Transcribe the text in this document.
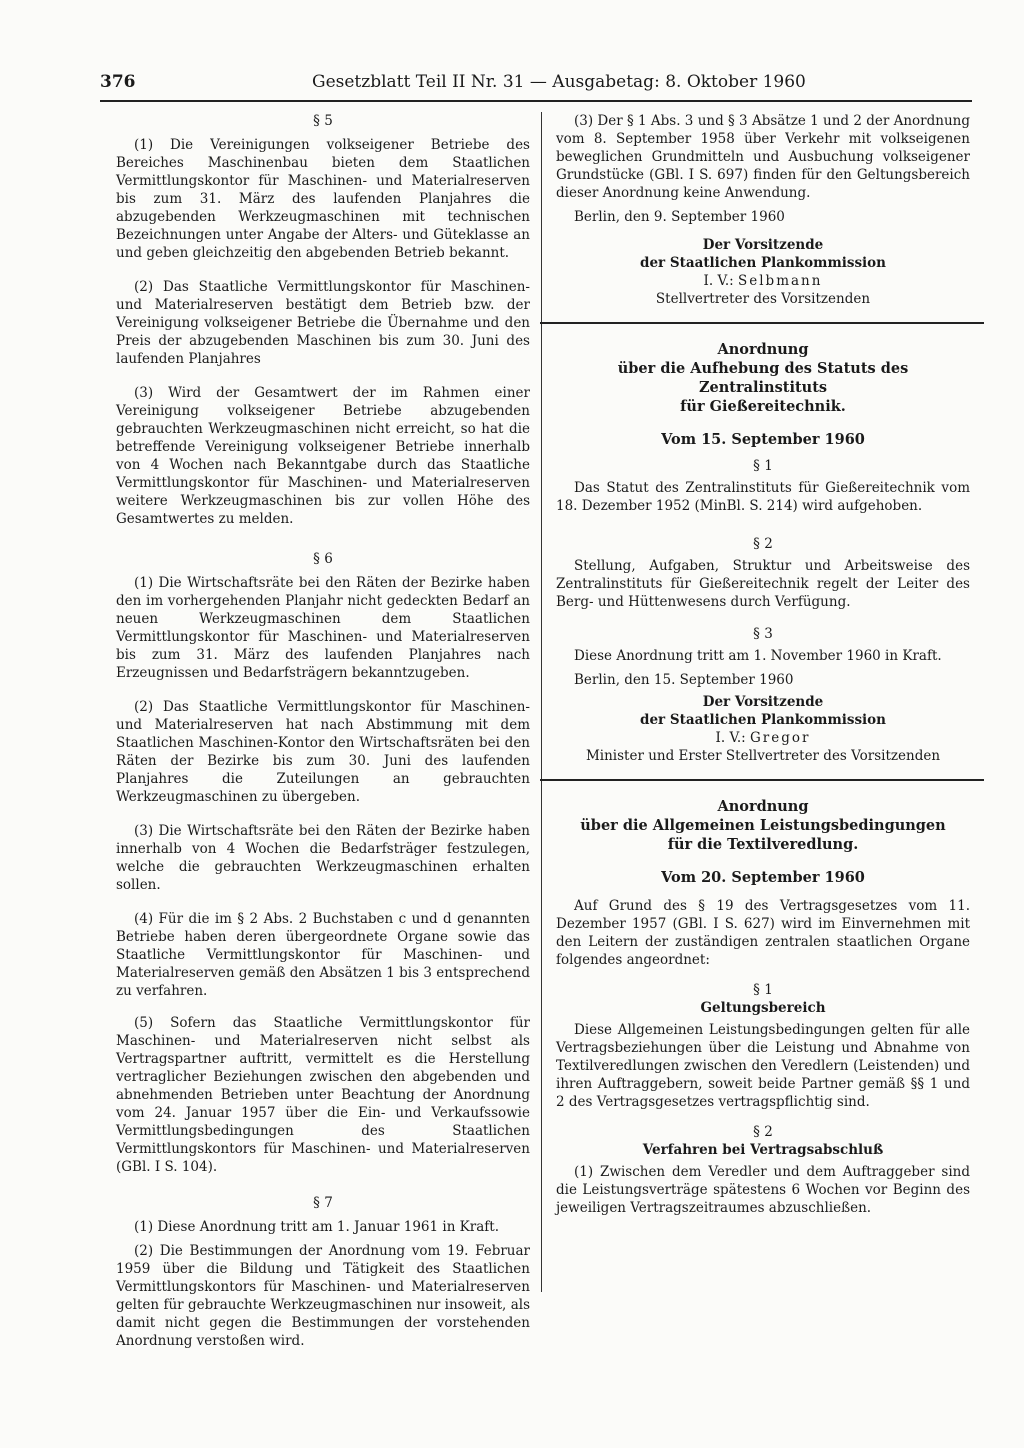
376	Gesetzblatt Teil II Nr. 31 — Ausgabetag: 8. Oktober 1960

§ 5

(1) Die Vereinigungen volkseigener Betriebe des Bereiches Maschinenbau bieten dem Staatlichen Vermittlungskontor für Maschinen- und Materialreserven bis zum 31. März des laufenden Planjahres die abzugebenden Werkzeugmaschinen mit technischen Bezeichnungen unter Angabe der Alters- und Güteklasse an und geben gleichzeitig den abgebenden Betrieb bekannt.

(2) Das Staatliche Vermittlungskontor für Maschinen- und Materialreserven bestätigt dem Betrieb bzw. der Vereinigung volkseigener Betriebe die Übernahme und den Preis der abzugebenden Maschinen bis zum 30. Juni des laufenden Planjahres

(3) Wird der Gesamtwert der im Rahmen einer Vereinigung volkseigener Betriebe abzugebenden gebrauchten Werkzeugmaschinen nicht erreicht, so hat die betreffende Vereinigung volkseigener Betriebe innerhalb von 4 Wochen nach Bekanntgabe durch das Staatliche Vermittlungskontor für Maschinen- und Materialreserven weitere Werkzeugmaschinen bis zur vollen Höhe des Gesamtwertes zu melden.

§ 6

(1) Die Wirtschaftsräte bei den Räten der Bezirke haben den im vorhergehenden Planjahr nicht gedeckten Bedarf an neuen Werkzeugmaschinen dem Staatlichen Vermittlungskontor für Maschinen- und Materialreserven bis zum 31. März des laufenden Planjahres nach Erzeugnissen und Bedarfsträgern bekanntzugeben.

(2) Das Staatliche Vermittlungskontor für Maschinen- und Materialreserven hat nach Abstimmung mit dem Staatlichen Maschinen-Kontor den Wirtschaftsräten bei den Räten der Bezirke bis zum 30. Juni des laufenden Planjahres die Zuteilungen an gebrauchten Werkzeugmaschinen zu übergeben.

(3) Die Wirtschaftsräte bei den Räten der Bezirke haben innerhalb von 4 Wochen die Bedarfsträger festzulegen, welche die gebrauchten Werkzeugmaschinen erhalten sollen.

(4) Für die im § 2 Abs. 2 Buchstaben c und d genannten Betriebe haben deren übergeordnete Organe sowie das Staatliche Vermittlungskontor für Maschinen- und Materialreserven gemäß den Absätzen 1 bis 3 entsprechend zu verfahren.

(5) Sofern das Staatliche Vermittlungskontor für Maschinen- und Materialreserven nicht selbst als Vertragspartner auftritt, vermittelt es die Herstellung vertraglicher Beziehungen zwischen den abgebenden und abnehmenden Betrieben unter Beachtung der Anordnung vom 24. Januar 1957 über die Ein- und Verkaufssowie Vermittlungsbedingungen des Staatlichen Vermittlungskontors für Maschinen- und Materialreserven (GBl. I S. 104).

§ 7

(1) Diese Anordnung tritt am 1. Januar 1961 in Kraft.

(2) Die Bestimmungen der Anordnung vom 19. Februar 1959 über die Bildung und Tätigkeit des Staatlichen Vermittlungskontors für Maschinen- und Materialreserven gelten für gebrauchte Werkzeugmaschinen nur insoweit, als damit nicht gegen die Bestimmungen der vorstehenden Anordnung verstoßen wird.

(3) Der § 1 Abs. 3 und § 3 Absätze 1 und 2 der Anordnung vom 8. September 1958 über Verkehr mit volkseigenen beweglichen Grundmitteln und Ausbuchung volkseigener Grundstücke (GBl. I S. 697) finden für den Geltungsbereich dieser Anordnung keine Anwendung.

Berlin, den 9. September 1960

Der Vorsitzende

der Staatlichen Plankommission

I. V.: Selbmann

Stellvertreter des Vorsitzenden

Anordnung

über die Aufhebung des Statuts des Zentralinstituts

für Gießereitechnik.

Vom 15. September 1960

§ 1

Das Statut des Zentralinstituts für Gießereitechnik vom 18. Dezember 1952 (MinBl. S. 214) wird aufgehoben.

§ 2

Stellung, Aufgaben, Struktur und Arbeitsweise des Zentralinstituts für Gießereitechnik regelt der Leiter des Berg- und Hüttenwesens durch Verfügung.

§ 3

Diese Anordnung tritt am 1. November 1960 in Kraft.

Berlin, den 15. September 1960

Der Vorsitzende

der Staatlichen Plankommission

I. V.: Gregor

Minister und Erster Stellvertreter des Vorsitzenden

Anordnung

über die Allgemeinen Leistungsbedingungen

für die Textilveredlung.

Vom 20. September 1960

Auf Grund des § 19 des Vertragsgesetzes vom 11. Dezember 1957 (GBl. I S. 627) wird im Einvernehmen mit den Leitern der zuständigen zentralen staatlichen Organe folgendes angeordnet:

§ 1

Geltungsbereich

Diese Allgemeinen Leistungsbedingungen gelten für alle Vertragsbeziehungen über die Leistung und Abnahme von Textilveredlungen zwischen den Veredlern (Leistenden) und ihren Auftraggebern, soweit beide Partner gemäß §§ 1 und 2 des Vertragsgesetzes vertragspflichtig sind.

§ 2

Verfahren bei Vertragsabschluß

(1) Zwischen dem Veredler und dem Auftraggeber sind die Leistungsverträge spätestens 6 Wochen vor Beginn des jeweiligen Vertragszeitraumes abzuschließen.
